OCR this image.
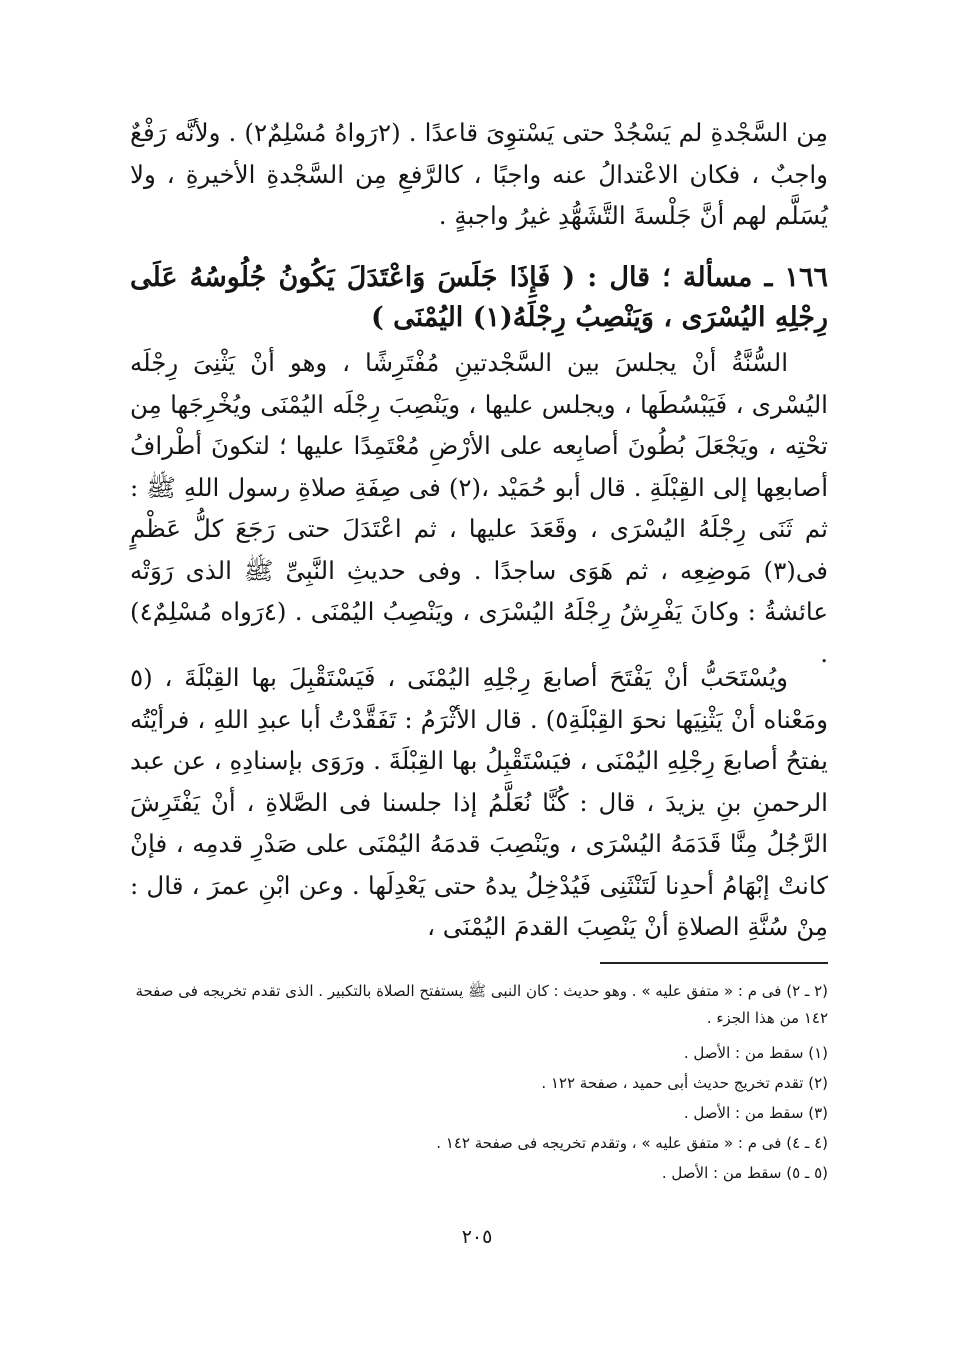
مِن السَّجْدةِ لم يَسْجُدْ حتى يَسْتوِىَ قاعدًا . (٢رَواهُ مُسْلِمٌ٢) . ولأنَّه رَفْعٌ واجبٌ ، فكان الاعْتدالُ عنه واجبًا ، كالرَّفعِ مِن السَّجْدةِ الأخيرةِ ، ولا يُسَلَّم لهم أنَّ جَلْسةَ التَّشَهُّدِ غيرُ واجبةٍ .

١٦٦ ـ مسألة ؛ قال : ( فَإِذَا جَلَسَ وَاعْتَدَلَ يَكُونُ جُلُوسُهُ عَلَى رِجْلِهِ اليُسْرَى ، وَيَنْصِبُ رِجْلَهُ(١) اليُمْنَى )

السُّنَّةُ أنْ يجلسَ بين السَّجْدتينِ مُفْتَرِشًا ، وهو أنْ يَثْنِىَ رِجْلَه اليُسْرى ، فَيَبْسُطَها ، ويجلس عليها ، ويَنْصِبَ رِجْلَه اليُمْنَى ويُخْرِجَها مِن تحْتِه ، ويَجْعَلَ بُطُونَ أصابِعه على الأرْضِ مُعْتَمِدًا عليها ؛ لتكونَ أطْرافُ أصابعِها إلى القِبْلَةِ . قال أبو حُمَيْد ،(٢) فى صِفَةِ صلاةِ رسول اللهِ ﷺ : ثم ثَنَى رِجْلَهُ اليُسْرَى ، وقَعَدَ عليها ، ثم اعْتَدَلَ حتى رَجَعَ كلُّ عَظْمٍ فى(٣) مَوضِعِه ، ثم هَوَى ساجدًا . وفى حديثِ النَّبِىِّ ﷺ الذى رَوَتْه عائشةُ : وكانَ يَفْرِشُ رِجْلَهُ اليُسْرَى ، ويَنْصِبُ اليُمْنَى . (٤رَواه مُسْلِمٌ٤) .

ويُسْتَحَبُّ أنْ يَفْتَحَ أصابعَ رِجْلِهِ اليُمْنَى ، فَيَسْتَقْبِلَ بها القِبْلَةَ ، (٥ ومَعْناه أنْ يَثْنِيَها نحوَ القِبْلَةِ٥) . قال الأثْرَمُ : تَفَقَّدْتُ أبا عبدِ اللهِ ، فرأيْتُه يفتحُ أصابعَ رِجْلِهِ اليُمْنَى ، فيَسْتَقْبِلُ بها القِبْلَةَ . ورَوَى بإسنادِهِ ، عن عبد الرحمنِ بنِ يزيدَ ، قال : كُنَّا نُعَلَّمُ إذا جلسنا فى الصَّلاةِ ، أنْ يَفْتَرِشَ الرَّجُلُ مِنَّا قَدَمَهُ اليُسْرَى ، ويَنْصِبَ قدمَهُ اليُمْنَى على صَدْرِ قدمِه ، فإنْ كانتْ إبْهَامُ أحدِنا لَتَنْثَنِى فَيُدْخِلُ يدهُ حتى يَعْدِلَها . وعن ابْنِ عمرَ ، قال : مِنْ سُنَّةِ الصلاةِ أنْ يَنْصِبَ القدمَ اليُمْنَى ،

(٢ ـ ٢) فى م : « متفق عليه » . وهو حديث : كان النبى ﷺ يستفتح الصلاة بالتكبير . الذى تقدم تخريجه فى صفحة ١٤٢ من هذا الجزء .

(١) سقط من : الأصل .

(٢) تقدم تخريج حديث أبى حميد ، صفحة ١٢٢ .

(٣) سقط من : الأصل .

(٤ ـ ٤) فى م : « متفق عليه » ، وتقدم تخريجه فى صفحة ١٤٢ .

(٥ ـ ٥) سقط من : الأصل .

٢٠٥
